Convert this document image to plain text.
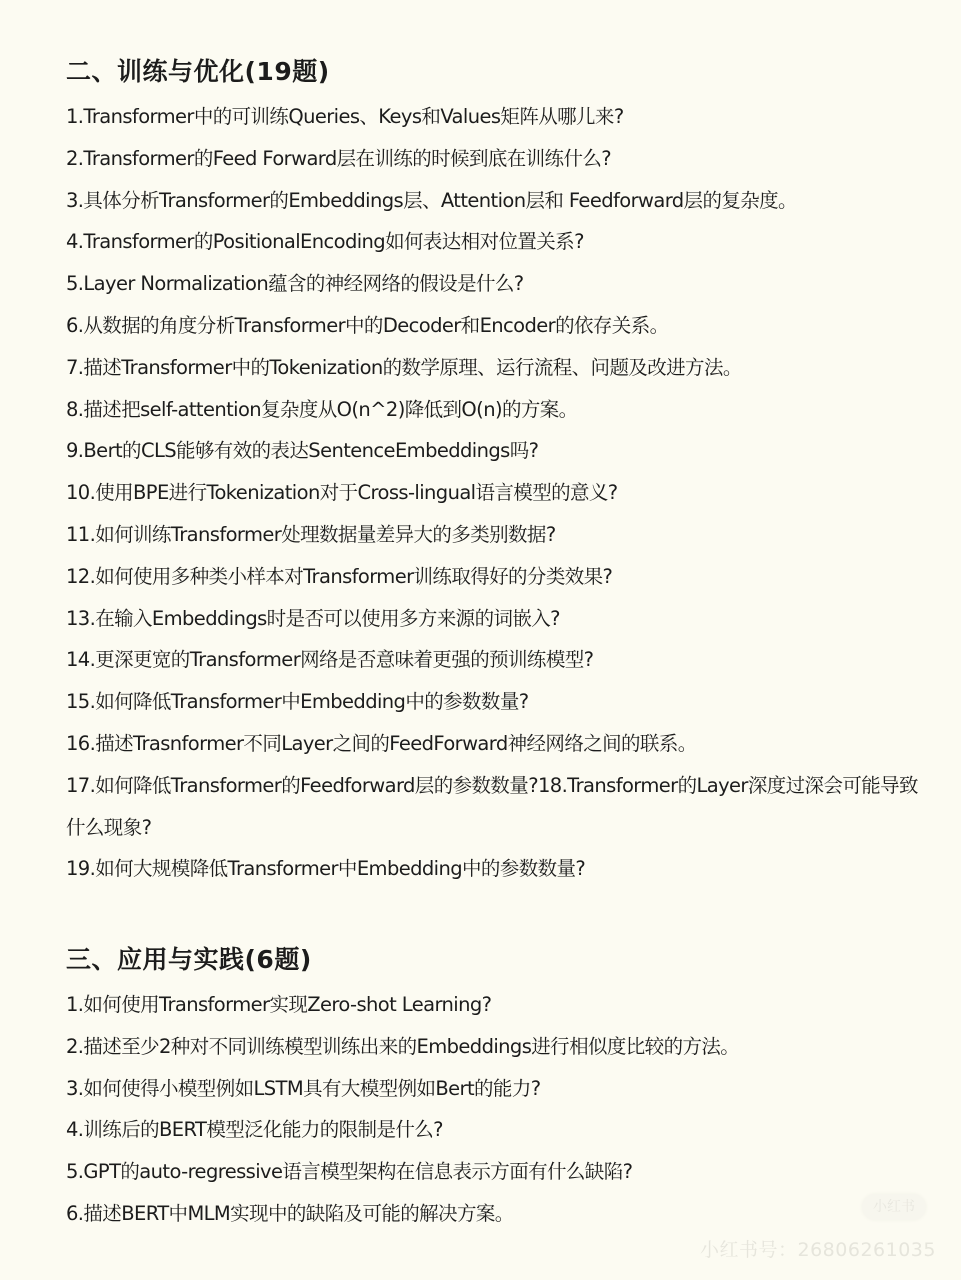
二、训练与优化(19题)

1.Transformer中的可训练Queries、Keys和Values矩阵从哪儿来?

2.Transformer的Feed Forward层在训练的时候到底在训练什么?

3.具体分析Transformer的Embeddings层、Attention层和 Feedforward层的复杂度。

4.Transformer的PositionalEncoding如何表达相对位置关系?

5.Layer Normalization蕴含的神经网络的假设是什么?

6.从数据的角度分析Transformer中的Decoder和Encoder的依存关系。

7.描述Transformer中的Tokenization的数学原理、运行流程、问题及改进方法。

8.描述把self-attention复杂度从O(n^2)降低到O(n)的方案。

9.Bert的CLS能够有效的表达SentenceEmbeddings吗?

10.使用BPE进行Tokenization对于Cross-lingual语言模型的意义?

11.如何训练Transformer处理数据量差异大的多类别数据?

12.如何使用多种类小样本对Transformer训练取得好的分类效果?

13.在输入Embeddings时是否可以使用多方来源的词嵌入?

14.更深更宽的Transformer网络是否意味着更强的预训练模型?

15.如何降低Transformer中Embedding中的参数数量?

16.描述Trasnformer不同Layer之间的FeedForward神经网络之间的联系。

17.如何降低Transformer的Feedforward层的参数数量?18.Transformer的Layer深度过深会可能导致什么现象?

19.如何大规模降低Transformer中Embedding中的参数数量?

三、应用与实践(6题)

1.如何使用Transformer实现Zero-shot Learning?

2.描述至少2种对不同训练模型训练出来的Embeddings进行相似度比较的方法。

3.如何使得小模型例如LSTM具有大模型例如Bert的能力?

4.训练后的BERT模型泛化能力的限制是什么?

5.GPT的auto-regressive语言模型架构在信息表示方面有什么缺陷?

6.描述BERT中MLM实现中的缺陷及可能的解决方案。	小红书
小红书号：26806261035
